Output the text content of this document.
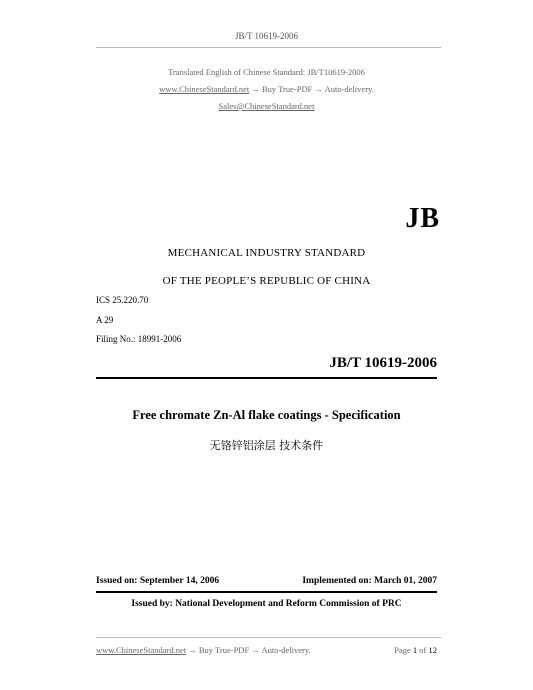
JB/T 10619-2006
Translated English of Chinese Standard: JB/T10619-2006
www.ChineseStandard.net → Buy True-PDF → Auto-delivery.
Sales@ChineseStandard.net
JB
MECHANICAL INDUSTRY STANDARD
OF THE PEOPLE’S REPUBLIC OF CHINA
ICS 25.220.70
A 29
Filing No.: 18991-2006
JB/T 10619-2006
Free chromate Zn-Al flake coatings - Specification
无铬锌铝涂层 技术条件
Issued on: September 14, 2006	Implemented on: March 01, 2007
Issued by: National Development and Reform Commission of PRC
www.ChineseStandard.net → Buy True-PDF → Auto-delivery.	Page 1 of 12
